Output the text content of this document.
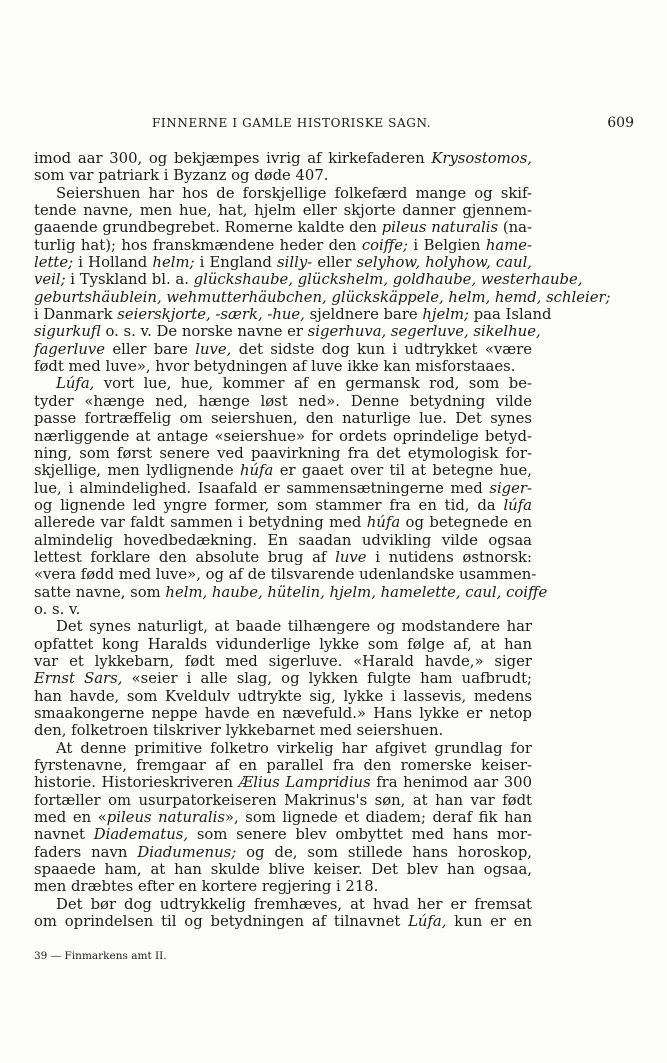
FINNERNE I GAMLE HISTORISKE SAGN.	609
imod aar 300, og bekjæmpes ivrig af kirkefaderen Krysostomos,
som var patriark i Byzanz og døde 407.
Seiershuen har hos de forskjellige folkefærd mange og skif-
tende navne, men hue, hat, hjelm eller skjorte danner gjennem-
gaaende grundbegrebet. Romerne kaldte den pileus naturalis (na-
turlig hat); hos franskmændene heder den coiffe; i Belgien hame-
lette; i Holland helm; i England silly- eller selyhow, holyhow, caul,
veil; i Tyskland bl. a. glückshaube, glückshelm, goldhaube, westerhaube,
geburtshäublein, wehmutterhäubchen, glückskäppele, helm, hemd, schleier;
i Danmark seierskjorte, -særk, -hue, sjeldnere bare hjelm; paa Island
sigurkufl o. s. v. De norske navne er sigerhuva, segerluve, sikelhue,
fagerluve eller bare luve, det sidste dog kun i udtrykket «være
født med luve», hvor betydningen af luve ikke kan misforstaaes.
Lúfa, vort lue, hue, kommer af en germansk rod, som be-
tyder «hænge ned, hænge løst ned». Denne betydning vilde
passe fortræffelig om seiershuen, den naturlige lue. Det synes
nærliggende at antage «seiershue» for ordets oprindelige betyd-
ning, som først senere ved paavirkning fra det etymologisk for-
skjellige, men lydlignende húfa er gaaet over til at betegne hue,
lue, i almindelighed. Isaafald er sammensætningerne med siger-
og lignende led yngre former, som stammer fra en tid, da lúfa
allerede var faldt sammen i betydning med húfa og betegnede en
almindelig hovedbedækning. En saadan udvikling vilde ogsaa
lettest forklare den absolute brug af luve i nutidens østnorsk:
«vera fødd med luve», og af de tilsvarende udenlandske usammen-
satte navne, som helm, haube, hütelin, hjelm, hamelette, caul, coiffe
o. s. v.
Det synes naturligt, at baade tilhængere og modstandere har
opfattet kong Haralds vidunderlige lykke som følge af, at han
var et lykkebarn, født med sigerluve. «Harald havde,» siger
Ernst Sars, «seier i alle slag, og lykken fulgte ham uafbrudt;
han havde, som Kveldulv udtrykte sig, lykke i lassevis, medens
smaakongerne neppe havde en nævefuld.» Hans lykke er netop
den, folketroen tilskriver lykkebarnet med seiershuen.
At denne primitive folketro virkelig har afgivet grundlag for
fyrstenavne, fremgaar af en parallel fra den romerske keiser-
historie. Historieskriveren Ælius Lampridius fra henimod aar 300
fortæller om usurpatorkeiseren Makrinus's søn, at han var født
med en «pileus naturalis», som lignede et diadem; deraf fik han
navnet Diadematus, som senere blev ombyttet med hans mor-
faders navn Diadumenus; og de, som stillede hans horoskop,
spaaede ham, at han skulde blive keiser. Det blev han ogsaa,
men dræbtes efter en kortere regjering i 218.
Det bør dog udtrykkelig fremhæves, at hvad her er fremsat
om oprindelsen til og betydningen af tilnavnet Lúfa, kun er en
39 — Finmarkens amt II.
